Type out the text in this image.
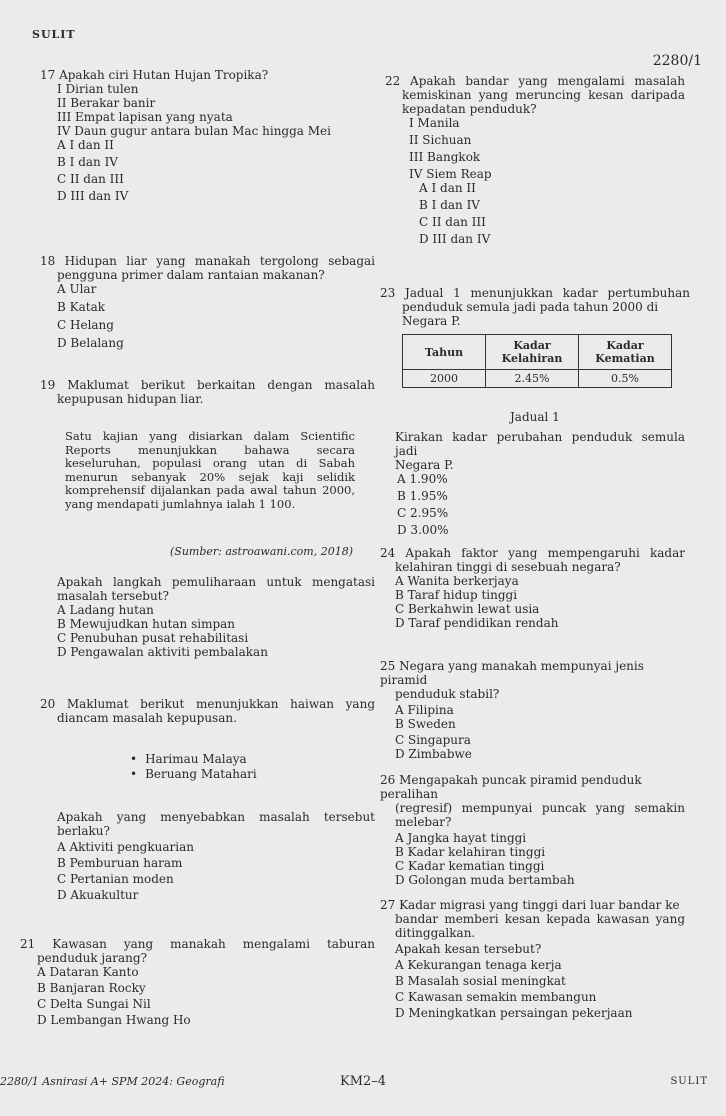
SULIT
2280/1

17 Apakah ciri Hutan Hujan Tropika?

I Dirian tulen

II Berakar banir

III Empat lapisan yang nyata

IV Daun gugur antara bulan Mac hingga Mei

A I dan II

B I dan IV

C II dan III

D III dan IV

18 Hidupan liar yang manakah tergolong sebagai

pengguna primer dalam rantaian makanan?

A Ular

B Katak

C Helang

D Belalang

19 Maklumat berikut berkaitan dengan masalah

kepupusan hidupan liar.

Satu kajian yang disiarkan dalam Scientific
Reports menunjukkan bahawa secara
keseluruhan, populasi orang utan di Sabah
menurun sebanyak 20% sejak kaji selidik
komprehensif dijalankan pada awal tahun 2000,
yang mendapati jumlahnya ialah 1 100.
(Sumber: astroawani.com, 2018)

Apakah langkah pemuliharaan untuk mengatasi

masalah tersebut?

A Ladang hutan

B Mewujudkan hutan simpan

C Penubuhan pusat rehabilitasi

D Pengawalan aktiviti pembalakan

20 Maklumat berikut menunjukkan haiwan yang

diancam masalah kepupusan.

• Harimau Malaya
• Beruang Matahari

Apakah yang menyebabkan masalah tersebut

berlaku?

A Aktiviti pengkuarian

B Pemburuan haram

C Pertanian moden

D Akuakultur

21 Kawasan yang manakah mengalami taburan

penduduk jarang?

A Dataran Kanto

B Banjaran Rocky

C Delta Sungai Nil

D Lembangan Hwang Ho

22 Apakah bandar yang mengalami masalah

kemiskinan yang meruncing kesan daripada

kepadatan penduduk?

I Manila

II Sichuan

III Bangkok

IV Siem Reap

A I dan II

B I dan IV

C II dan III

D III dan IV

23 Jadual 1 menunjukkan kadar pertumbuhan

penduduk semula jadi pada tahun 2000 di Negara P.

Tahun	Kadar Kelahiran	Kadar Kematian
2000	2.45%	0.5%
Jadual 1

Kirakan kadar perubahan penduduk semula jadi

Negara P.

A 1.90%

B 1.95%

C 2.95%

D 3.00%

24 Apakah faktor yang mempengaruhi kadar

kelahiran tinggi di sesebuah negara?

A Wanita berkerjaya

B Taraf hidup tinggi

C Berkahwin lewat usia

D Taraf pendidikan rendah

25 Negara yang manakah mempunyai jenis piramid

penduduk stabil?

A Filipina

B Sweden

C Singapura

D Zimbabwe

26 Mengapakah puncak piramid penduduk peralihan

(regresif) mempunyai puncak yang semakin

melebar?

A Jangka hayat tinggi

B Kadar kelahiran tinggi

C Kadar kematian tinggi

D Golongan muda bertambah

27 Kadar migrasi yang tinggi dari luar bandar ke

bandar memberi kesan kepada kawasan yang

ditinggalkan.

Apakah kesan tersebut?

A Kekurangan tenaga kerja

B Masalah sosial meningkat

C Kawasan semakin membangun

D Meningkatkan persaingan pekerjaan

2280/1 Asnirasi A+ SPM 2024: Geografi	KM2–4	SULIT
